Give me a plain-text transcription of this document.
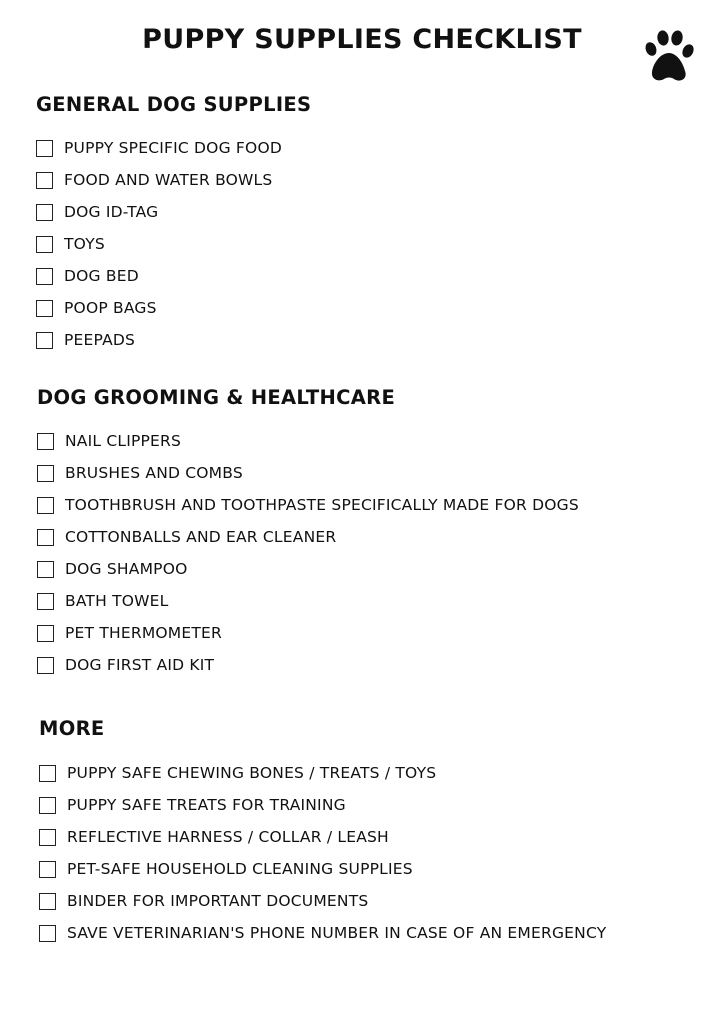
PUPPY SUPPLIES CHECKLIST
GENERAL DOG SUPPLIES
PUPPY SPECIFIC DOG FOOD
FOOD AND WATER BOWLS
DOG ID-TAG
TOYS
DOG BED
POOP BAGS
PEEPADS
DOG GROOMING & HEALTHCARE
NAIL CLIPPERS
BRUSHES AND COMBS
TOOTHBRUSH AND TOOTHPASTE SPECIFICALLY MADE FOR DOGS
COTTONBALLS AND EAR CLEANER
DOG SHAMPOO
BATH TOWEL
PET THERMOMETER
DOG FIRST AID KIT
MORE
PUPPY SAFE CHEWING BONES / TREATS / TOYS
PUPPY SAFE TREATS FOR TRAINING
REFLECTIVE HARNESS / COLLAR / LEASH
PET-SAFE HOUSEHOLD CLEANING SUPPLIES
BINDER FOR IMPORTANT DOCUMENTS
SAVE VETERINARIAN'S PHONE NUMBER IN CASE OF AN EMERGENCY
